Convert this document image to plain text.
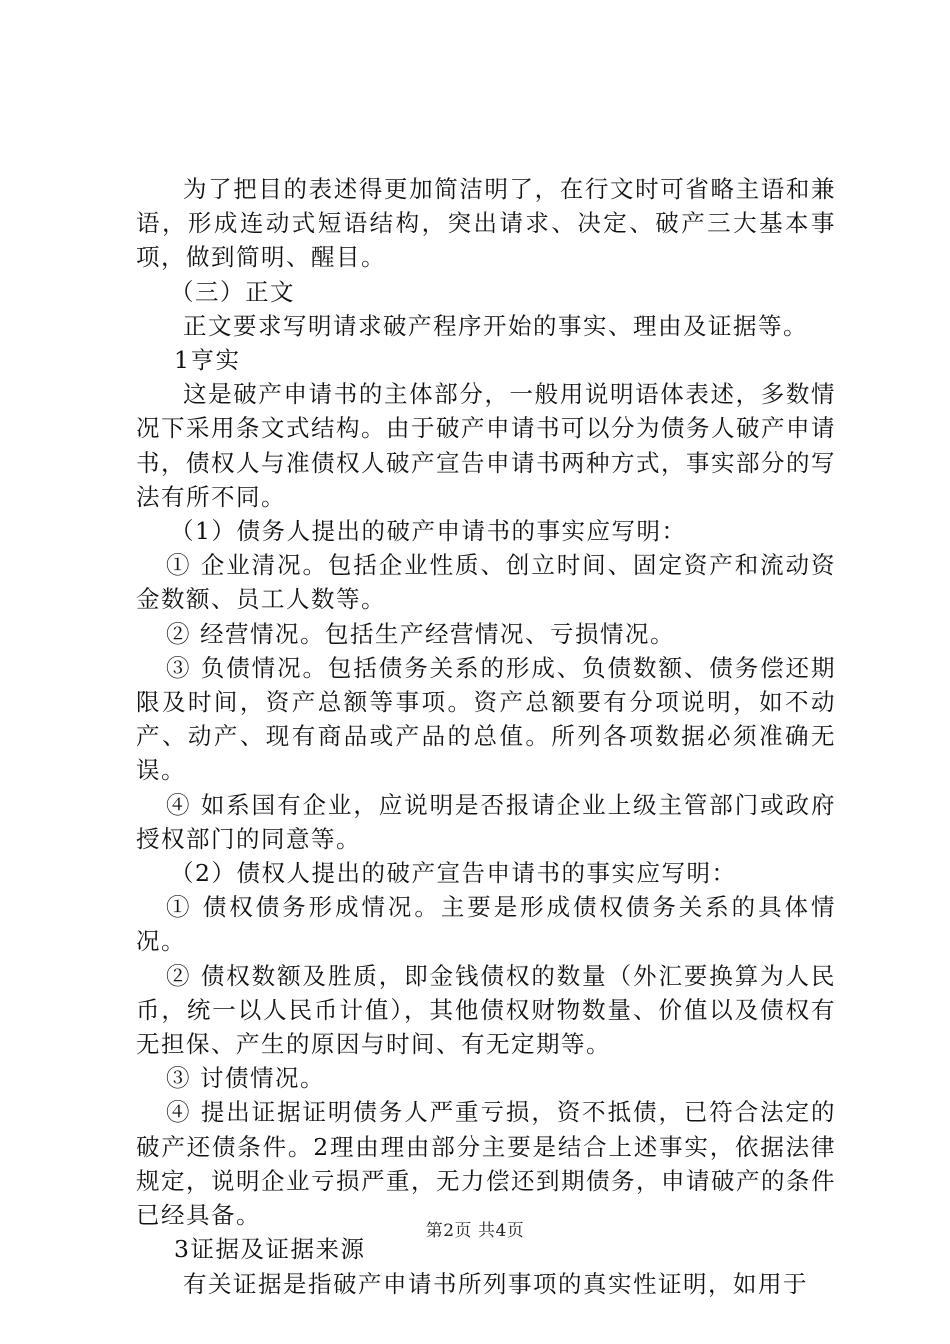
为了把目的表述得更加简洁明了，在行文时可省略主语和兼语，形成连动式短语结构，突出请求、决定、破产三大基本事项，做到简明、醒目。

（三）正文

正文要求写明请求破产程序开始的事实、理由及证据等。

1亨实

这是破产申请书的主体部分，一般用说明语体表述，多数情况下采用条文式结构。由于破产申请书可以分为债务人破产申请书，债权人与准债权人破产宣告申请书两种方式，事实部分的写法有所不同。

（1）债务人提出的破产申请书的事实应写明：

① 企业清况。包括企业性质、创立时间、固定资产和流动资金数额、员工人数等。

② 经营情况。包括生产经营情况、亏损情况。

③ 负债情况。包括债务关系的形成、负债数额、债务偿还期限及时间，资产总额等事项。资产总额要有分项说明，如不动产、动产、现有商品或产品的总值。所列各项数据必须准确无误。

④ 如系国有企业，应说明是否报请企业上级主管部门或政府授权部门的同意等。

（2）债权人提出的破产宣告申请书的事实应写明：

① 债权债务形成情况。主要是形成债权债务关系的具体情况。

② 债权数额及胜质，即金钱债权的数量（外汇要换算为人民币，统一以人民币计值），其他债权财物数量、价值以及债权有无担保、产生的原因与时间、有无定期等。

③ 讨债情况。

④ 提出证据证明债务人严重亏损，资不抵债，已符合法定的破产还债条件。2理由理由部分主要是结合上述事实，依据法律规定，说明企业亏损严重，无力偿还到期债务，申请破产的条件已经具备。

3证据及证据来源

有关证据是指破产申请书所列事项的真实性证明，如用于

第2页 共4页
